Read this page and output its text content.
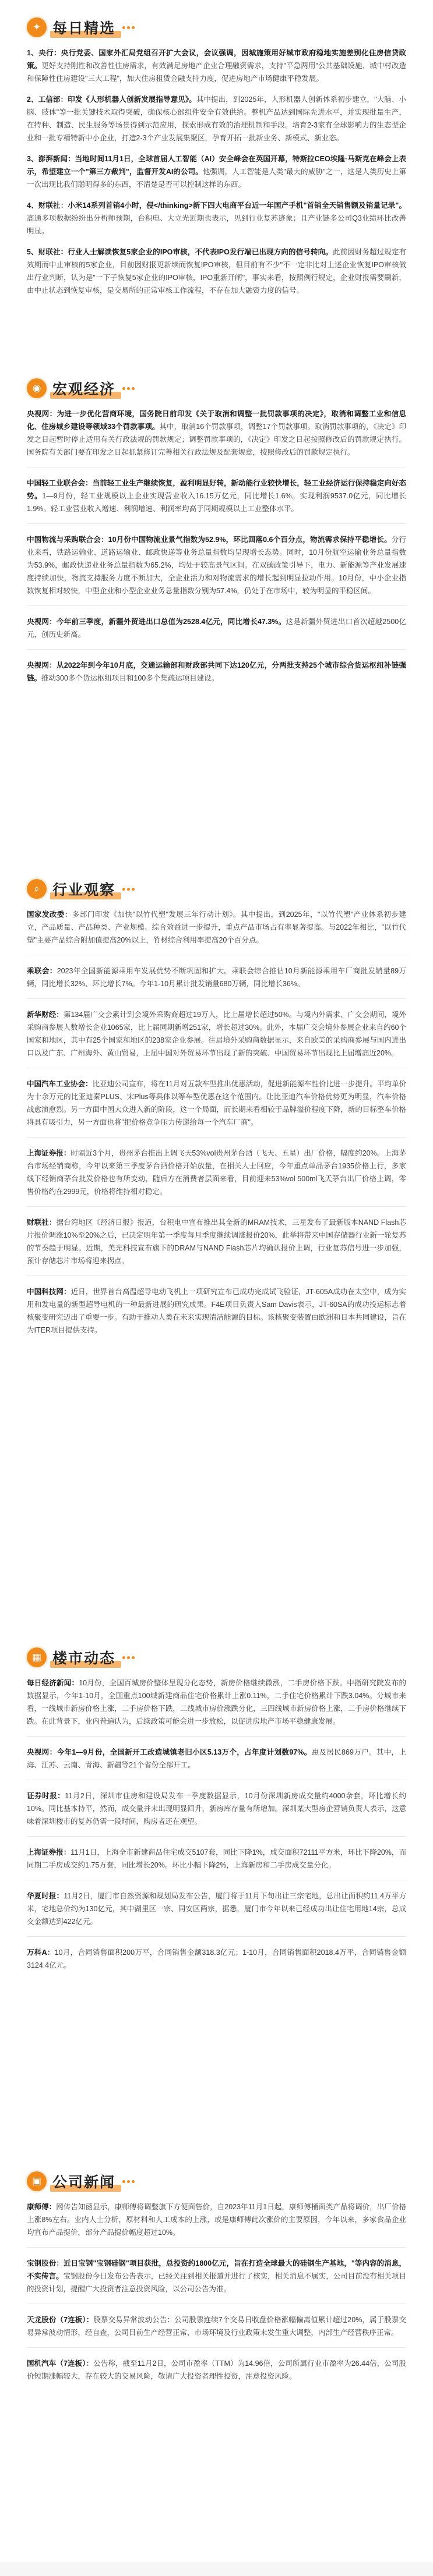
✦ 每日精选

1、央行：央行党委、国家外汇局党组召开扩大会议，会议强调，因城施策用好城市政府稳地实施差别化住房信贷政策。更好支持刚性和改善性住房需求，有效满足房地产企业合理融资需求，支持"平急两用"公共基础设施、城中村改造和保障性住房建设"三大工程"，加大住房租赁金融支持力度，促进房地产市场健康平稳发展。

2、工信部：印发《人形机器人创新发展指导意见》。其中提出，到2025年，人形机器人创新体系初步建立，"大脑、小脑、肢体"等一批关键技术取得突破，确保核心部组件安全有效供给。整机产品达到国际先进水平，并实现批量生产，在特种、制造、民生服务等场景得到示范应用，探索形成有效的治理机制和手段。培育2-3家有全球影响力的生态型企业和一批专精特新中小企业，打造2-3个产业发展集聚区，孕育开拓一批新业务、新模式、新业态。

3、澎湃新闻：当地时间11月1日，全球首届人工智能（AI）安全峰会在英国开幕，特斯拉CEO埃隆·马斯克在峰会上表示，希望建立一个"第三方裁判"，监督开发AI的公司。他强调，人工智能是人类"最大的威胁"之一，这是人类历史上第一次出现比我们聪明得多的东西，不清楚是否可以控制这样的东西。

4、财联社：小米14系列首销4小时，侵</thinking>新下四大电商平台近一年国产手机"首销全天销售额及销量记录"。高通多项数据纷纷出分析师预期，台积电、大立光近期也表示，见到行业复苏迹象；且产业链多公司Q3业绩环比改善明显。

5、财联社：行业人士解读恢复5家企业的IPO审核，不代表IPO发行端已出现方向的信号转向。此前因财务超过规定有效期而中止审核的5家企业，目前因财报更新续而恢复IPO审核，但目前有不少"不一定非比对上述企业恢复IPO审核做出行业判断，认为是"一下子恢复5家企业的IPO审核，IPO重新开闸"，事实来看，按照例行规定，企业财报需要刷新，由中止状态到恢复审核，是交易所的正常审核工作流程，不存在加大融资力度的信号。

◉ 宏观经济

央视网：为进一步优化营商环境，国务院日前印发《关于取消和调整一批罚款事项的决定》，取消和调整工业和信息化、住房城乡建设等领域33个罚款事项。其中，取消16个罚款事项，调整17个罚款事项。取消罚款事项的，《决定》印发之日起暂时停止适用有关行政法规的罚款规定；调整罚款事项的，《决定》印发之日起按照修改后的罚款规定执行。国务院有关部门要在印发之日起抓紧修订完善相关行政法规及配套规章，按照修改后的罚款规定执行。

中国轻工业联合会：当前轻工业生产继续恢复，盈利明显好转，新动能行业较快增长，轻工业经济运行保持稳定向好态势。1—9月份，轻工业规模以上企业实现营业收入16.15万亿元，同比增长1.6%。实现利润9537.0亿元，同比增长1.9%。轻工业营业收入增速、利润增速、利润率均高于同期规模以上工业整体水平。

中国物流与采购联合会：10月份中国物流业景气指数为52.9%，环比回落0.6个百分点，物流需求保持平稳增长。分行业来看，铁路运输业、道路运输业、邮政快递等业务总量指数均呈现增长态势。同时，10月份航空运输业务总量指数为53.9%，邮政快递业业务总量指数为65.2%，均处于较高景气区间。在双碳政策引导下，电力、新能源等产业发展速度持续加快，物流支持服务力度不断加大，全企业活力和对物流需求的增长起到明显拉动作用。10月份，中小企业指数恢复相对较快，中型企业和小型企业业务总量指数分别为57.4%，仍处于在市场中，较为明显的平稳区间。

央视网：今年前三季度，新疆外贸进出口总值为2528.4亿元，同比增长47.3%。这是新疆外贸进出口首次超越2500亿元，创历史新高。

央视网：从2022年到今年10月底，交通运输部和财政部共同下达120亿元，分两批支持25个城市综合货运枢纽补链强链。推动300多个货运枢纽项目和100多个集疏运项目建设。

⌕ 行业观察

国家发改委：多部门印发《加快"以竹代塑"发展三年行动计划》。其中提出，到2025年，"以竹代塑"产业体系初步建立，产品质量、产品种类、产业规模、综合效益进一步提升，重点产品市场占有率显著提高。与2022年相比，"以竹代塑"主要产品综合附加值提高20%以上，竹材综合利用率提高20个百分点。

乘联会：2023年全国新能源乘用车发展优势不断巩固和扩大。乘联会综合推估10月新能源乘用车厂商批发销量89万辆，同比增长32%、环比增长7%。今年1-10月累计批发销量680万辆，同比增长36%。

新华财经：第134届广交会累计到会境外采购商超过19万人，比上届增长超过50%。与境内外需求、广交会期间，境外采购商参展人数增长企业1065家，比上届同期新增251家，增长超过30%。此外，本届广交会境外参展企业来自约60个国家和地区，其中有25个国家和地区的238家企业参展。往届境外采购商数据显示，来自欧美的采购商参展与国内进出口以及广东、广州海外、黄山贸易，上届中国对外贸易环节出现了新的突破、中国贸易环节出现比上届增高近20%。

中国汽车工业协会：比亚迪公司宣布，将在11月对五款车型推出优惠活动，促进新能源车性价比进一步提升。平均单价为十余万元的比亚迪秦PLUS、宋Plus等具体以等车型优惠在这个范围内。让比亚迪汽车价格优势更为明显，汽车价格战愈演愈烈。另一方面中国大众进入新的阶段，这一个局面，而长期来看相较于品牌溢价程度下降，新的目标整车价格将具有吸引力，另一方面也将"把价格竞争压力传递给每一个汽车厂商"。

上海证券报：时隔近3个月，贵州茅台推出上调飞天53%vol贵州茅台酒（飞天、五星）出厂价格，幅度约20%。上海茅台市场经销商称，今年以来第三季度茅台酒价格开始放量，在相关人士回应，今年重点单品茅台1935价格上行，多家线下经销商茅台批发价格也有所变动，随后方在消费者层面来看，目前迎来53%vol 500ml飞天茅台出厂价格上调，零售价格约在2999元，价格将维持相对稳定。

财联社：据台湾地区《经济日报》报道，台积电中宣布推出其全新的MRAM技术，三星发布了最新版本NAND Flash芯片报价调涨10%至20%之后，已决定明年第一季度每月季度继续调涨报价20%，此举将带来中国存储器行业新一轮复苏的节奏趋于明显。近期，美光科技宣布旗下的DRAM与NAND Flash芯片均确认报价上调，行业复苏信号进一步加强，预计存储芯片市场将迎来拐点。

中国科技网：近日，世界首台高温超导电动飞机上一项研究宣布已成功完成试飞验证，JT-605A成功在太空中，成为实用和发电量的新型超导电机的一种最新进展的研究成果。F4E项目负责人Sam Davis表示，JT-60SA的成功投运标志着核聚变研究迈出了重要一步。有助于推动人类在未来实现清洁能源的目标。该核聚变装置由欧洲和日本共同建设，旨在为ITER项目提供支持。

▦ 楼市动态

每日经济新闻：10月份，全国百城房价整体呈现分化态势，新房价格继续微涨，二手房价格下跌。中指研究院发布的数据显示，今年1-10月，全国重点100城新建商品住宅价格累计上涨0.11%，二手住宅价格累计下跌3.04%。分城市来看，一线城市新房价格上涨，二手房价格下跌，二线城市房价涨跌分化，三四线城市新房价格上涨，二手房价格继续下跌。在此背景下，业内普遍认为，后续政策可能会进一步放松，以促进房地产市场平稳健康发展。

央视网：今年1—9月份，全国新开工改造城镇老旧小区5.13万个，占年度计划数97%。惠及居民869万户。其中，上海、江苏、云南、青海、新疆等21个省份全部开工。

证券时报：11月2日，深圳市住房和建设局发布一季度数据显示，10月份深圳新房成交量约4000余套，环比增长约10%。同比基本持平，然而，成交量并未出现明显回升，新房库存量有所增加。深圳某大型房企营销负责人表示，这意味着深圳楼市的复苏仍需一段时间，购房者还在观望。

上海证券报：11月1日，上海全市新建商品住宅成交5107套，同比下降1%，成交面积72111平方米，环比下降20%，而同期二手房成交约1.75万套，同比增长20%。环比小幅下降2%，上海新房和二手房成交量分化。

华夏时报：11月2日，厦门市自然资源和规划局发布公告，厦门将于11月下旬出让三宗宅地，总出让面积约11.4万平方米，宅地总价约为130亿元，其中湖里区一宗、同安区两宗，据悉，厦门市今年以来已经成功出让住宅用地14宗，总成交金额达到422亿元。

万科A：10月，合同销售面积200万平，合同销售金额318.3亿元；1-10月，合同销售面积2018.4万平，合同销售金额3124.4亿元。

▣ 公司新闻

康师傅：网传告知函显示，康师傅将调整旗下方便面售价，自2023年11月1日起，康师傅桶面类产品将调价，出厂价格上涨8%左右。业内人士分析，原材料和人工成本的上涨，或是康师傅此次涨价的主要原因，今年以来，多家食品企业均宣布产品提价，部分产品提价幅度超过10%。

宝钢股份：近日宝钢"宝钢硅钢"项目获批，总投资约1800亿元，旨在打造全球最大的硅钢生产基地，"等内容的消息，不实传言。宝钢股份今日发布公告表示，已经关注到相关报道并进行了核实，相关消息不属实，公司目前没有相关项目的投资计划，提醒广大投资者注意投资风险，以公司公告为准。

天龙股份（7连板）：股票交易异常波动公告：公司股票连续7个交易日收盘价格涨幅偏离值累计超过20%，属于股票交易异常波动情形，经自查，公司目前生产经营正常，市场环境及行业政策未发生重大调整，内部生产经营秩序正常。

国机汽车（7连板）：公告称，截至11月2日，公司市盈率（TTM）为14.96倍，公司所属行业市盈率为26.44倍，公司股价短期涨幅较大，存在较大的交易风险，敬请广大投资者理性投资，注意投资风险。
